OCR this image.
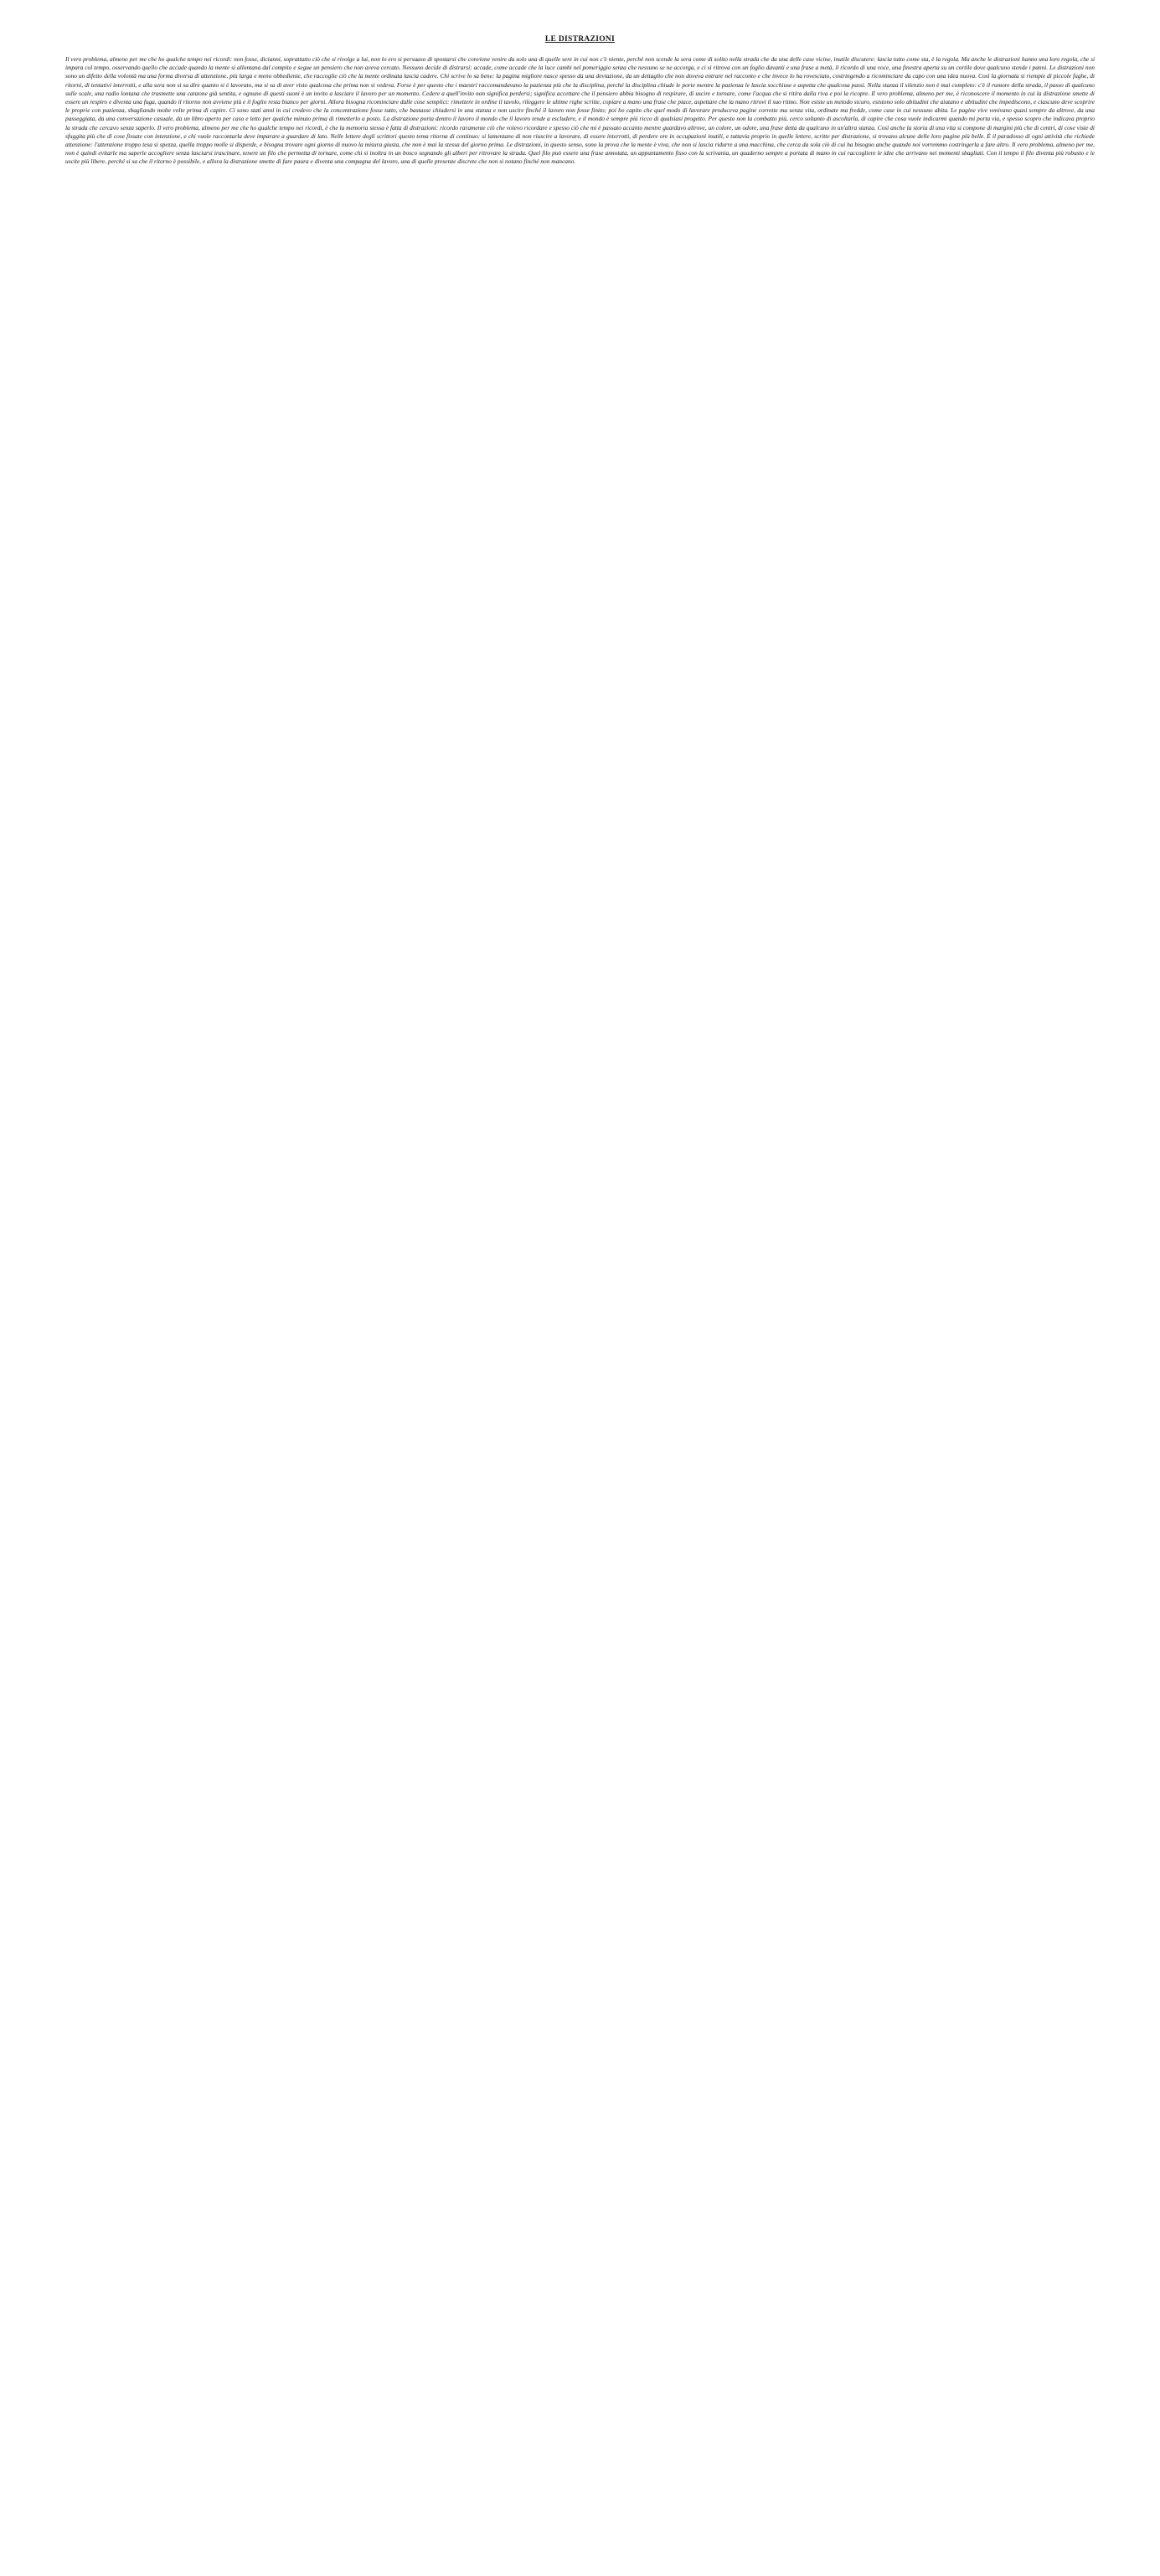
LE DISTRAZIONI

Il vero problema, almeno per me che ho qualche tempo nei ricordi: non fosse, dicianni, soprattutto ciò che si rivolge a lui, non lo ero si persuaso di spostarsi che conviene venire da solo una di quelle sere in cui non c'è niente, perché non scende la sera come di solito nella strada che da una delle case vicine, inutile discutere: lascia tutto come sta, è la regola. Ma anche le distrazioni hanno una loro regola, che si impara col tempo, osservando quello che accade quando la mente si allontana dal compito e segue un pensiero che non aveva cercato. Nessuno decide di distrarsi: accade, come accade che la luce cambi nel pomeriggio senza che nessuno se ne accorga, e ci si ritrova con un foglio davanti e una frase a metà, il ricordo di una voce, una finestra aperta su un cortile dove qualcuno stende i panni. Le distrazioni non sono un difetto della volontà ma una forma diversa di attenzione, più larga e meno obbediente, che raccoglie ciò che la mente ordinata lascia cadere. Chi scrive lo sa bene: la pagina migliore nasce spesso da una deviazione, da un dettaglio che non doveva entrare nel racconto e che invece lo ha rovesciato, costringendo a ricominciare da capo con una idea nuova. Così la giornata si riempie di piccole fughe, di ritorni, di tentativi interrotti, e alla sera non si sa dire quanto si è lavorato, ma si sa di aver visto qualcosa che prima non si vedeva. Forse è per questo che i maestri raccomandavano la pazienza più che la disciplina, perché la disciplina chiude le porte mentre la pazienza le lascia socchiuse e aspetta che qualcosa passi. Nella stanza il silenzio non è mai completo: c'è il rumore della strada, il passo di qualcuno sulle scale, una radio lontana che trasmette una canzone già sentita, e ognuno di questi suoni è un invito a lasciare il lavoro per un momento. Cedere a quell'invito non significa perdersi; significa accettare che il pensiero abbia bisogno di respirare, di uscire e tornare, come l'acqua che si ritira dalla riva e poi la ricopre. Il vero problema, almeno per me, è riconoscere il momento in cui la distrazione smette di essere un respiro e diventa una fuga, quando il ritorno non avviene più e il foglio resta bianco per giorni. Allora bisogna ricominciare dalle cose semplici: rimettere in ordine il tavolo, rileggere le ultime righe scritte, copiare a mano una frase che piace, aspettare che la mano ritrovi il suo ritmo. Non esiste un metodo sicuro, esistono solo abitudini che aiutano e abitudini che impediscono, e ciascuno deve scoprire le proprie con pazienza, sbagliando molte volte prima di capire. Ci sono stati anni in cui credevo che la concentrazione fosse tutto, che bastasse chiudersi in una stanza e non uscire finché il lavoro non fosse finito; poi ho capito che quel modo di lavorare produceva pagine corrette ma senza vita, ordinate ma fredde, come case in cui nessuno abita. Le pagine vive venivano quasi sempre da altrove, da una passeggiata, da una conversazione casuale, da un libro aperto per caso e letto per qualche minuto prima di rimetterlo a posto. La distrazione porta dentro il lavoro il mondo che il lavoro tende a escludere, e il mondo è sempre più ricco di qualsiasi progetto. Per questo non la combatto più, cerco soltanto di ascoltarla, di capire che cosa vuole indicarmi quando mi porta via, e spesso scopro che indicava proprio la strada che cercavo senza saperlo. Il vero problema, almeno per me che ho qualche tempo nei ricordi, è che la memoria stessa è fatta di distrazioni: ricordo raramente ciò che volevo ricordare e spesso ciò che mi è passato accanto mentre guardavo altrove, un colore, un odore, una frase detta da qualcuno in un'altra stanza. Così anche la storia di una vita si compone di margini più che di centri, di cose viste di sfuggita più che di cose fissate con intenzione, e chi vuole raccontarla deve imparare a guardare di lato. Nelle lettere degli scrittori questo tema ritorna di continuo: si lamentano di non riuscire a lavorare, di essere interrotti, di perdere ore in occupazioni inutili, e tuttavia proprio in quelle lettere, scritte per distrazione, si trovano alcune delle loro pagine più belle. È il paradosso di ogni attività che richiede attenzione: l'attenzione troppo tesa si spezza, quella troppo molle si disperde, e bisogna trovare ogni giorno di nuovo la misura giusta, che non è mai la stessa del giorno prima. Le distrazioni, in questo senso, sono la prova che la mente è viva, che non si lascia ridurre a una macchina, che cerca da sola ciò di cui ha bisogno anche quando noi vorremmo costringerla a fare altro. Il vero problema, almeno per me, non è quindi evitarle ma saperle accogliere senza lasciarsi trascinare, tenere un filo che permetta di tornare, come chi si inoltra in un bosco segnando gli alberi per ritrovare la strada. Quel filo può essere una frase annotata, un appuntamento fisso con la scrivania, un quaderno sempre a portata di mano in cui raccogliere le idee che arrivano nei momenti sbagliati. Con il tempo il filo diventa più robusto e le uscite più libere, perché si sa che il ritorno è possibile, e allora la distrazione smette di fare paura e diventa una compagna del lavoro, una di quelle presenze discrete che non si notano finché non mancano.
